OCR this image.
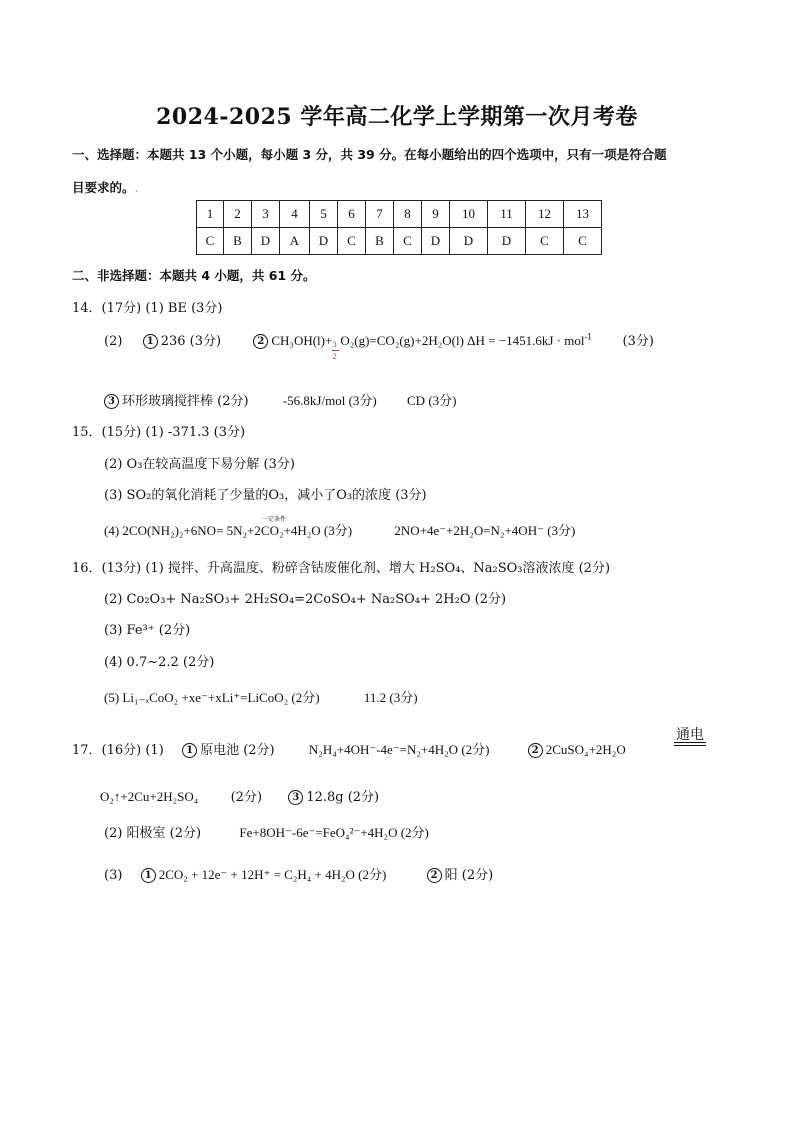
2024-2025 学年高二化学上学期第一次月考卷
一、选择题：本题共 13 个小题，每小题 3 分，共 39 分。在每小题给出的四个选项中，只有一项是符合题
目要求的。.
1	2	3	4	5	6	7	8	9	10	11	12	13
C	B	D	A	D	C	B	C	D	D	D	C	C
二、非选择题：本题共 4 小题，共 61 分。
14．(17分) (1) BE (3分)
(2) 1 236 (3分)	2 $CH_3OH(l)+ \frac{3}{2} O_2(g)=CO_2(g)+2H_2O(l) \Delta H = -1451.6kJ \cdot mol^{-1}$ (3分)
3 环形玻璃搅拌棒 (2分)	-56.8kJ/mol (3分) CD (3分)
15．(15分) (1) -371.3 (3分)
(2) O₃在较高温度下易分解 (3分)
(3) SO₂的氧化消耗了少量的O₃，减小了O₃的浓度 (3分)
(4) 2CO(NH₂)₂+6NO
一定条件
= 5N₂+2CO₂+4H₂O (3分)	2NO+4e⁻+2H₂O=N₂+4OH⁻ (3分)
16．(13分) (1) 搅拌、升高温度、粉碎含钴废催化剂、增大 H₂SO₄、Na₂SO₃溶液浓度 (2分)
(2) Co₂O₃+ Na₂SO₃+ 2H₂SO₄=2CoSO₄+ Na₂SO₄+ 2H₂O (2分)
(3) Fe³⁺ (2分)
(4) 0.7~2.2 (2分)
(5) Li₁₋ₓCoO₂ +xe⁻+xLi⁺=LiCoO₂ (2分)	11.2 (3分)
17．(16分) (1) 1 原电池 (2分)	N₂H₄+4OH⁻-4e⁻=N₂+4H₂O (2分)	2 2CuSO₄+2H₂O
通电
O₂↑+2Cu+2H₂SO₄ (2分)	3 12.8g (2分)
(2) 阳极室 (2分)	Fe+8OH⁻-6e⁻=FeO₄²⁻+4H₂O (2分)
(3) 1 2CO₂ + 12e⁻ + 12H⁺ = C₂H₄ + 4H₂O (2分)	2 阳 (2分)
